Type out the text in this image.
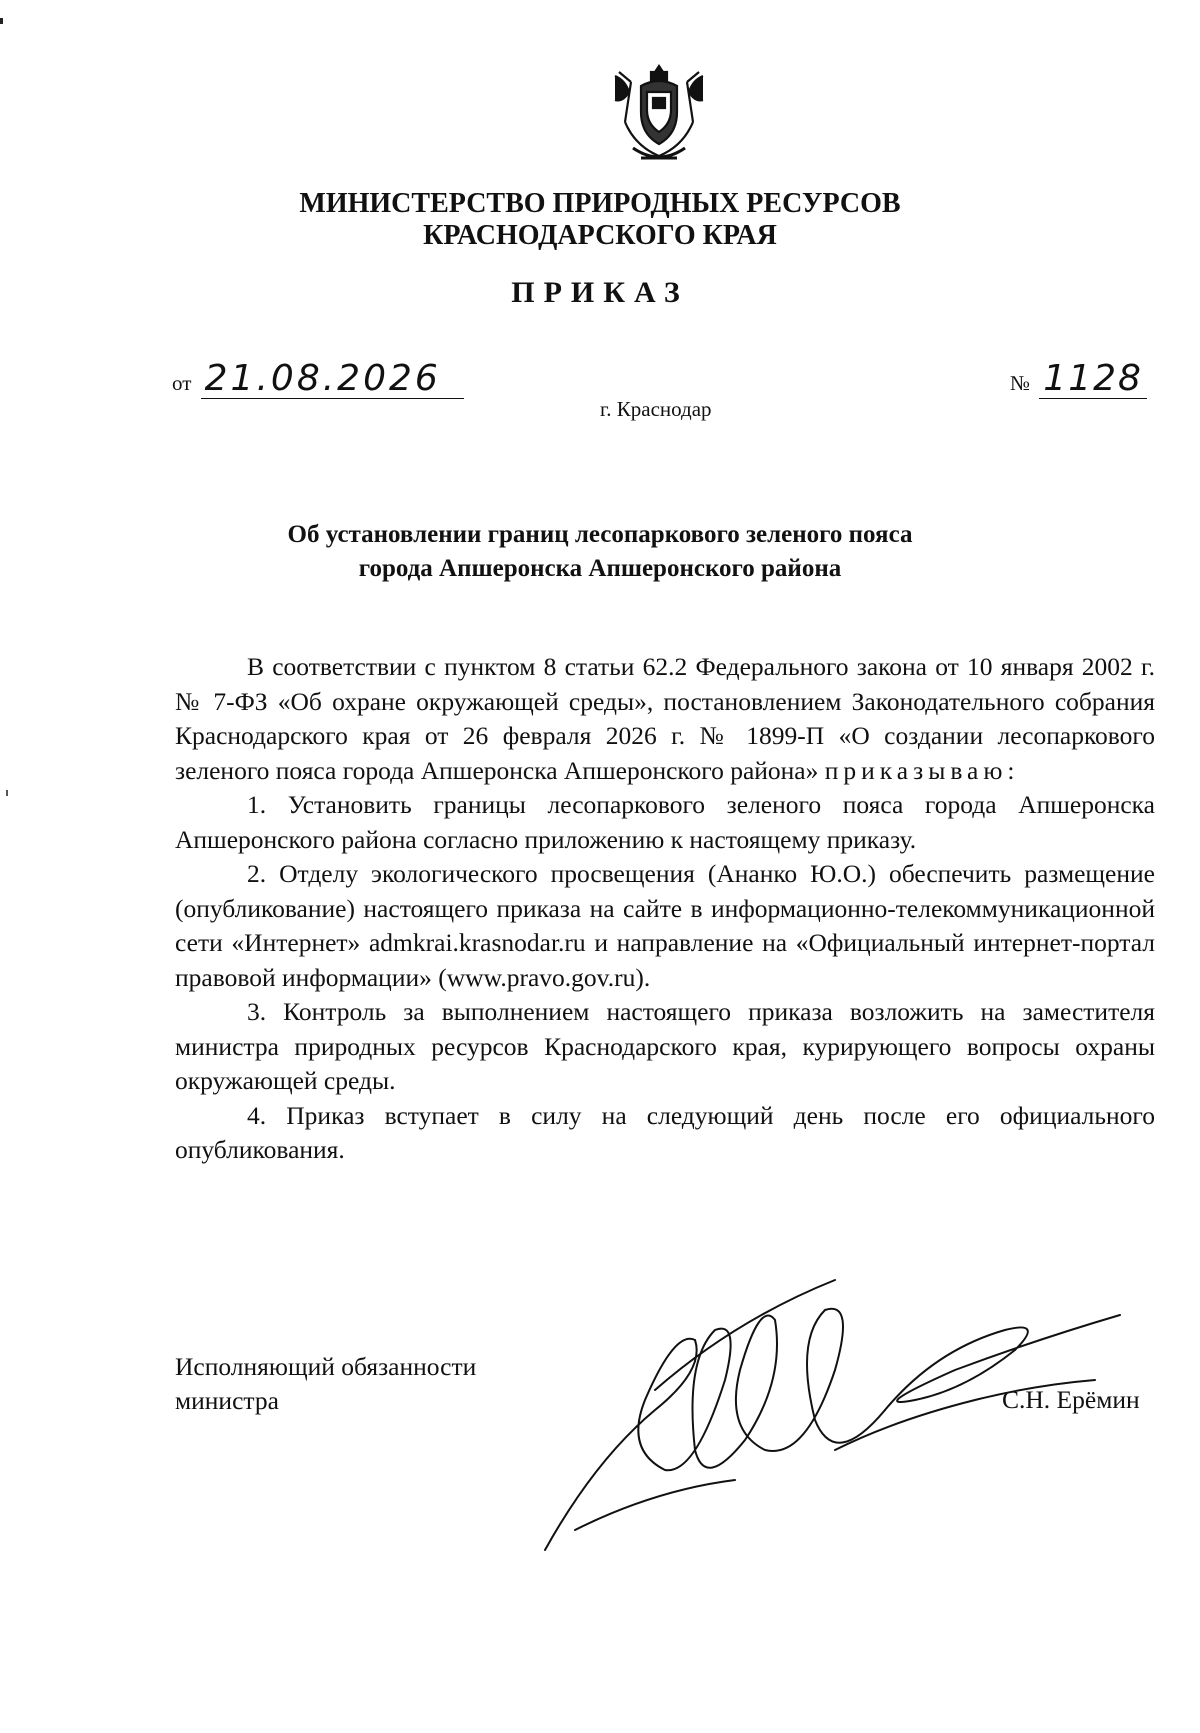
МИНИСТЕРСТВО ПРИРОДНЫХ РЕСУРСОВ
КРАСНОДАРСКОГО КРАЯ
ПРИКАЗ
от 21.08.2026	№ 1128
г. Краснодар
Об установлении границ лесопаркового зеленого пояса
города Апшеронска Апшеронского района

В соответствии с пунктом 8 статьи 62.2 Федерального закона от 10 января 2002 г. № 7-ФЗ «Об охране окружающей среды», постановлением Законодательного собрания Краснодарского края от 26 февраля 2026 г. № 1899-П «О создании лесопаркового зеленого пояса города Апшеронска Апшеронского района» приказываю:

1. Установить границы лесопаркового зеленого пояса города Апшеронска Апшеронского района согласно приложению к настоящему приказу.

2. Отделу экологического просвещения (Ананко Ю.О.) обеспечить размещение (опубликование) настоящего приказа на сайте в информационно-телекоммуникационной сети «Интернет» admkrai.krasnodar.ru и направление на «Официальный интернет-портал правовой информации» (www.pravo.gov.ru).

3. Контроль за выполнением настоящего приказа возложить на заместителя министра природных ресурсов Краснодарского края, курирующего вопросы охраны окружающей среды.

4. Приказ вступает в силу на следующий день после его официального опубликования.

Исполняющий обязанности
министра	С.Н. Ерёмин
